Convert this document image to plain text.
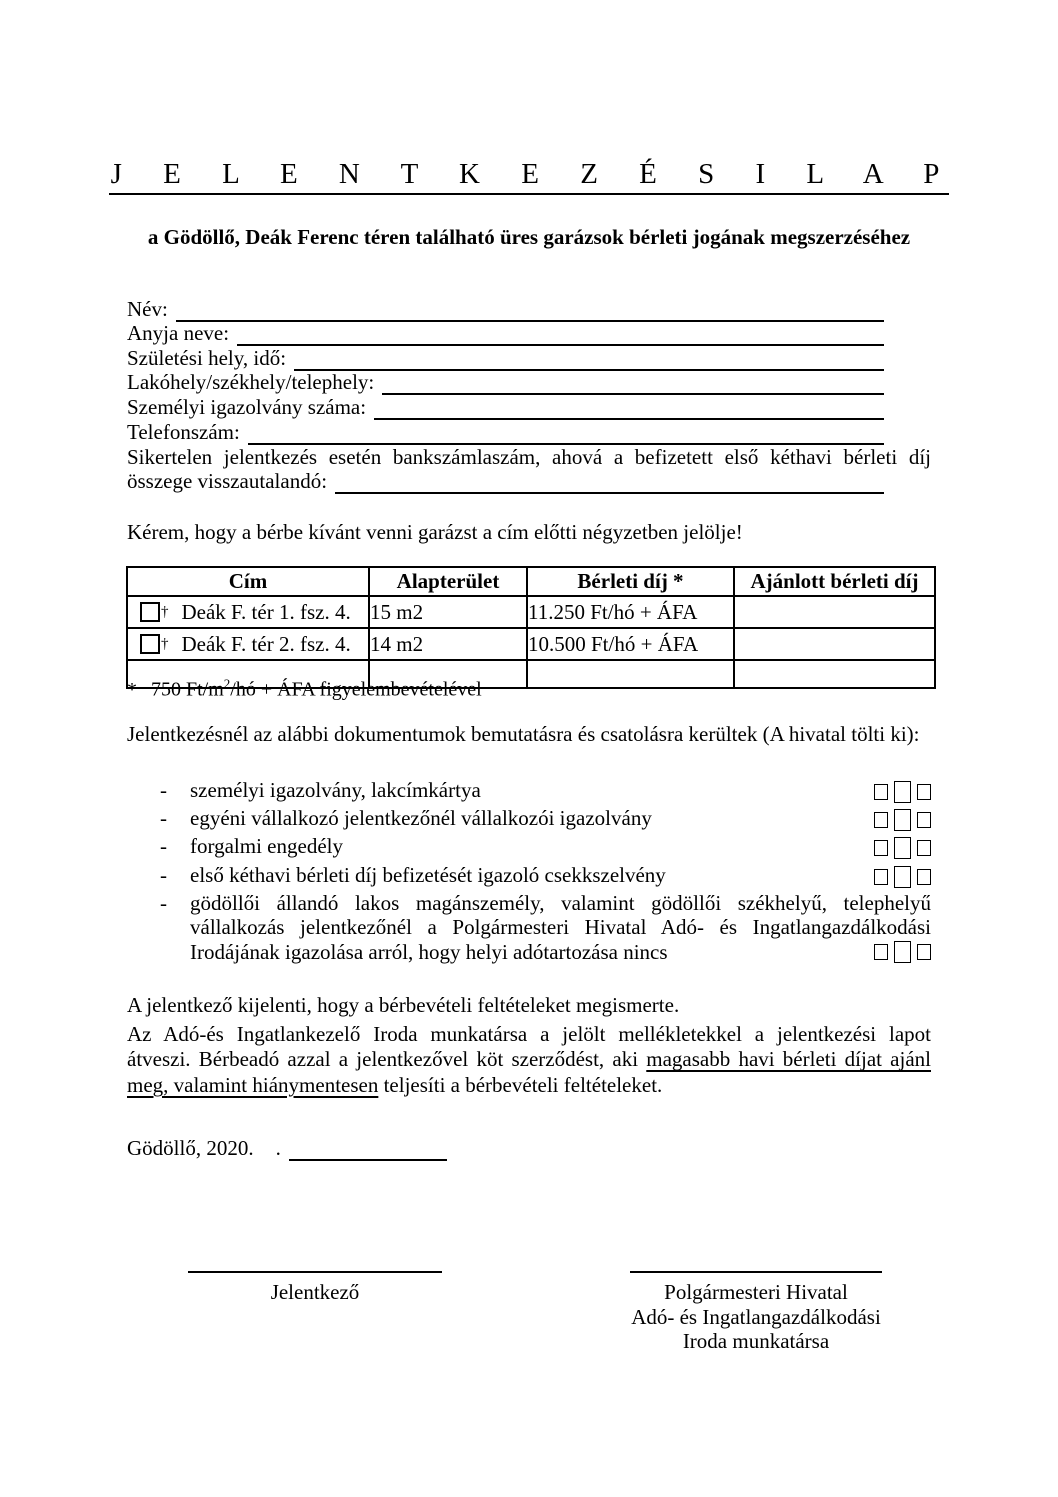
J E L E N T K E Z É S I L A P
a Gödöllő, Deák Ferenc téren található üres garázsok bérleti jogának megszerzéséhez
Név:
Anyja neve:
Születési hely, idő:
Lakóhely/székhely/telephely:
Személyi igazolvány száma:
Telefonszám:
Sikertelen jelentkezés esetén bankszámlaszám, ahová a befizetett első kéthavi bérleti díj
összege visszautalandó:
Kérem, hogy a bérbe kívánt venni garázst a cím előtti négyzetben jelölje!
Cím	Alapterület	Bérleti díj *	Ajánlott bérleti díj

† Deák F. tér 1. fsz. 4.	15 m2	11.250 Ft/hó + ÁFA	

† Deák F. tér 2. fsz. 4.	14 m2	10.500 Ft/hó + ÁFA	

* 750 $Ft/m^2/hó$ + ÁFA figyelembevételével
Jelentkezésnél az alábbi dokumentumok bemutatásra és csatolásra kerültek (A hivatal tölti ki):
- személyi igazolvány, lakcímkártya
- egyéni vállalkozó jelentkezőnél vállalkozói igazolvány
- forgalmi engedély
- első kéthavi bérleti díj befizetését igazoló csekkszelvény
- gödöllői állandó lakos magánszemély, valamint gödöllői székhelyű, telephelyű
vállalkozás jelentkezőnél a Polgármesteri Hivatal Adó- és Ingatlangazdálkodási
Irodájának igazolása arról, hogy helyi adótartozása nincs
A jelentkező kijelenti, hogy a bérbevételi feltételeket megismerte.
Az Adó-és Ingatlankezelő Iroda munkatársa a jelölt mellékletekkel a jelentkezési lapot
átveszi. Bérbeadó azzal a jelentkezővel köt szerződést, aki magasabb havi bérleti díjat ajánl
meg, valamint hiánymentesen teljesíti a bérbevételi feltételeket.
Gödöllő, 2020. .
Jelentkező	Polgármesteri Hivatal
Adó- és Ingatlangazdálkodási
Iroda munkatársa
